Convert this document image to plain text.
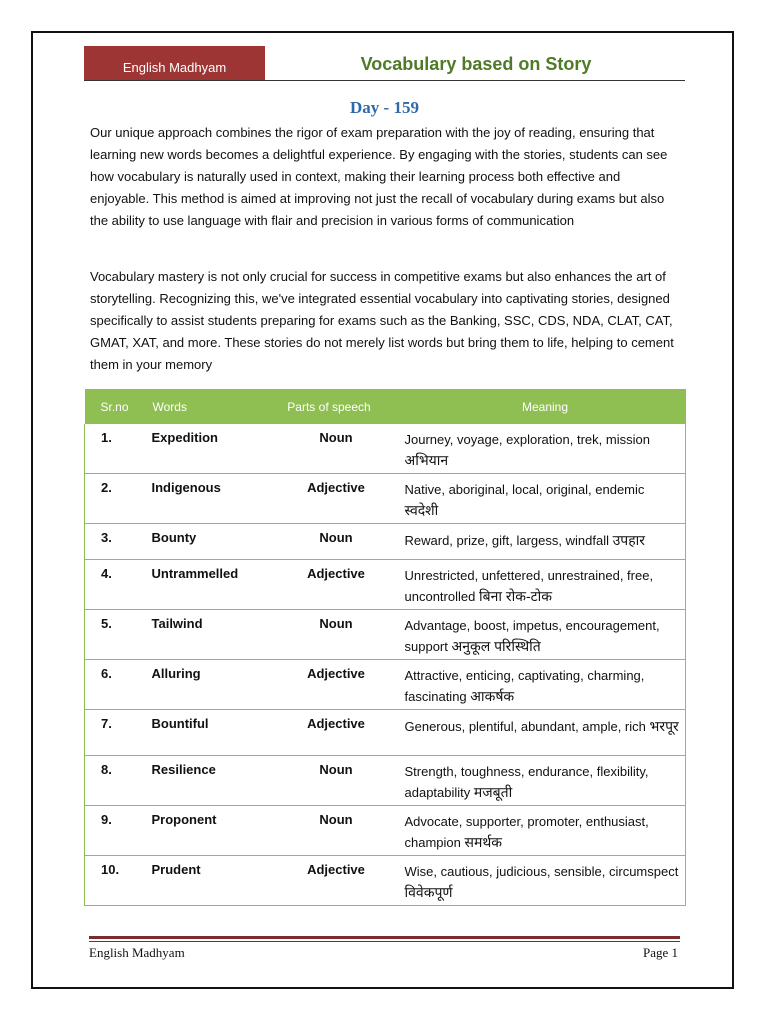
English Madhyam	Vocabulary based on Story
Day - 159
Our unique approach combines the rigor of exam preparation with the joy of reading, ensuring that learning new words becomes a delightful experience. By engaging with the stories, students can see how vocabulary is naturally used in context, making their learning process both effective and enjoyable. This method is aimed at improving not just the recall of vocabulary during exams but also the ability to use language with flair and precision in various forms of communication
Vocabulary mastery is not only crucial for success in competitive exams but also enhances the art of storytelling. Recognizing this, we've integrated essential vocabulary into captivating stories, designed specifically to assist students preparing for exams such as the Banking, SSC, CDS, NDA, CLAT, CAT, GMAT, XAT, and more. These stories do not merely list words but bring them to life, helping to cement them in your memory
Sr.no	Words	Parts of speech	Meaning
1.	Expedition	Noun	Journey, voyage, exploration, trek, mission अभियान
2.	Indigenous	Adjective	Native, aboriginal, local, original, endemic स्वदेशी
3.	Bounty	Noun	Reward, prize, gift, largess, windfall उपहार
4.	Untrammelled	Adjective	Unrestricted, unfettered, unrestrained, free, uncontrolled बिना रोक-टोक
5.	Tailwind	Noun	Advantage, boost, impetus, encouragement, support अनुकूल परिस्थिति
6.	Alluring	Adjective	Attractive, enticing, captivating, charming, fascinating आकर्षक
7.	Bountiful	Adjective	Generous, plentiful, abundant, ample, rich भरपूर
8.	Resilience	Noun	Strength, toughness, endurance, flexibility, adaptability मजबूती
9.	Proponent	Noun	Advocate, supporter, promoter, enthusiast, champion समर्थक
10.	Prudent	Adjective	Wise, cautious, judicious, sensible, circumspect विवेकपूर्ण
English Madhyam	Page 1
